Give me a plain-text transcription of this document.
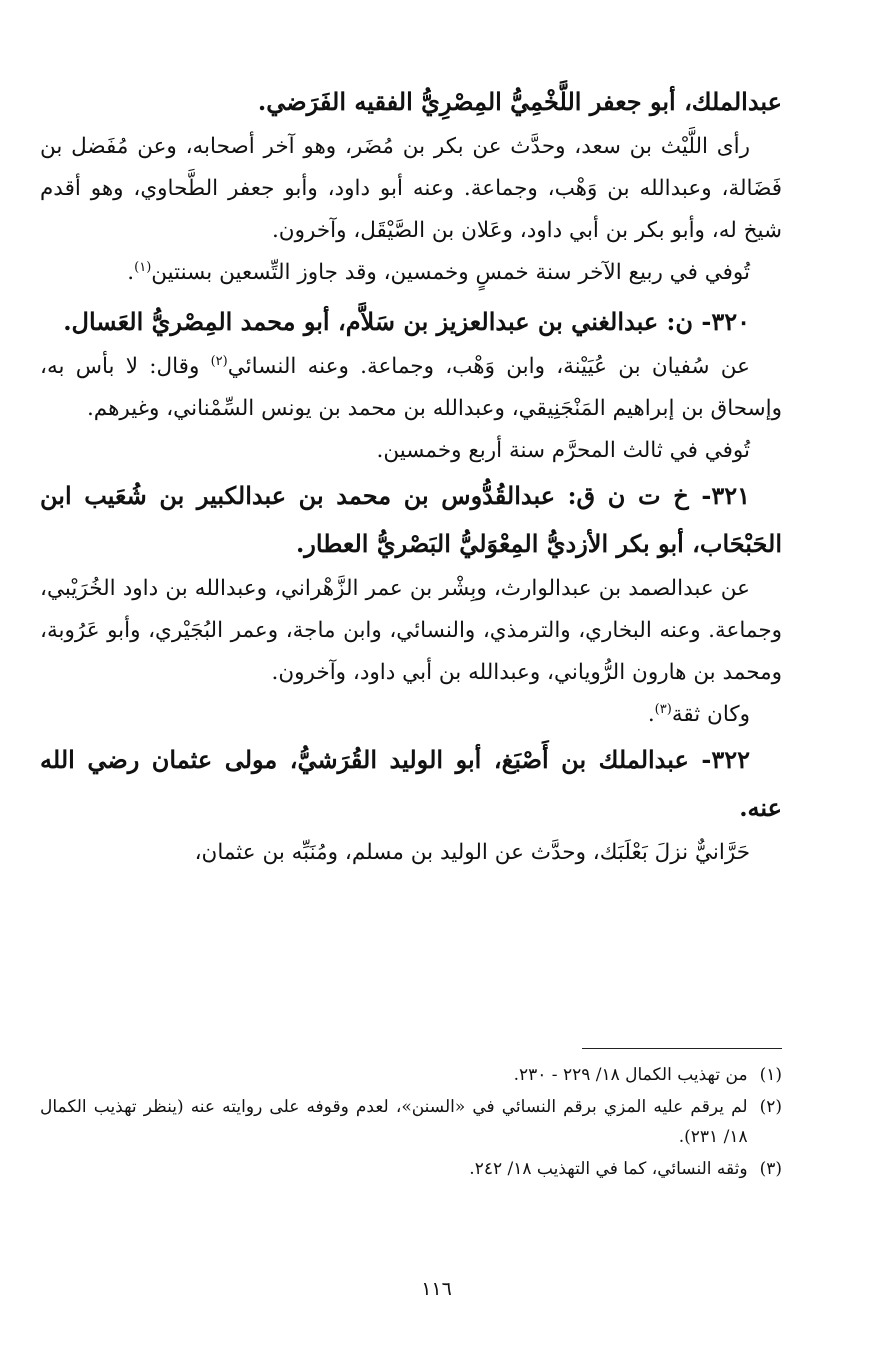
عبدالملك، أبو جعفر اللَّخْمِيُّ المِصْرِيُّ الفقيه الفَرَضي.

رأى اللَّيْث بن سعد، وحدَّث عن بكر بن مُضَر، وهو آخر أصحابه، وعن مُفَضل بن فَضَالة، وعبدالله بن وَهْب، وجماعة. وعنه أبو داود، وأبو جعفر الطَّحاوي، وهو أقدم شيخ له، وأبو بكر بن أبي داود، وعَلان بن الصَّيْقَل، وآخرون.

تُوفي في ربيع الآخر سنة خمسٍ وخمسين، وقد جاوز التِّسعين بسنتين$^{(١)}$.

٣٢٠- ن: عبدالغني بن عبدالعزيز بن سَلاَّم، أبو محمد المِصْريُّ العَسال.

عن سُفيان بن عُيَيْنة، وابن وَهْب، وجماعة. وعنه النسائي$^{(٢)}$ وقال: لا بأس به، وإسحاق بن إبراهيم المَنْجَنِيقي، وعبدالله بن محمد بن يونس السِّمْناني، وغيرهم.

تُوفي في ثالث المحرَّم سنة أربع وخمسين.

٣٢١- خ ت ن ق: عبدالقُدُّوس بن محمد بن عبدالكبير بن شُعَيب ابن الحَبْحَاب، أبو بكر الأزديُّ المِعْوَليُّ البَصْريُّ العطار.

عن عبدالصمد بن عبدالوارث، وبِشْر بن عمر الزَّهْراني، وعبدالله بن داود الخُرَيْبي، وجماعة. وعنه البخاري، والترمذي، والنسائي، وابن ماجة، وعمر البُجَيْري، وأبو عَرُوبة، ومحمد بن هارون الرُّوياني، وعبدالله بن أبي داود، وآخرون.

وكان ثقة$^{(٣)}$.

٣٢٢- عبدالملك بن أَصْبَغ، أبو الوليد القُرَشيُّ، مولى عثمان رضي الله عنه.

حَرَّانيٌّ نزلَ بَعْلَبَك، وحدَّث عن الوليد بن مسلم، ومُنَبِّه بن عثمان،

(١)
من تهذيب الكمال ١٨/ ٢٢٩ - ٢٣٠.
(٢)
لم يرقم عليه المزي برقم النسائي في «السنن»، لعدم وقوفه على روايته عنه (ينظر تهذيب الكمال ١٨/ ٢٣١).
(٣)
وثقه النسائي، كما في التهذيب ١٨/ ٢٤٢.
١١٦
